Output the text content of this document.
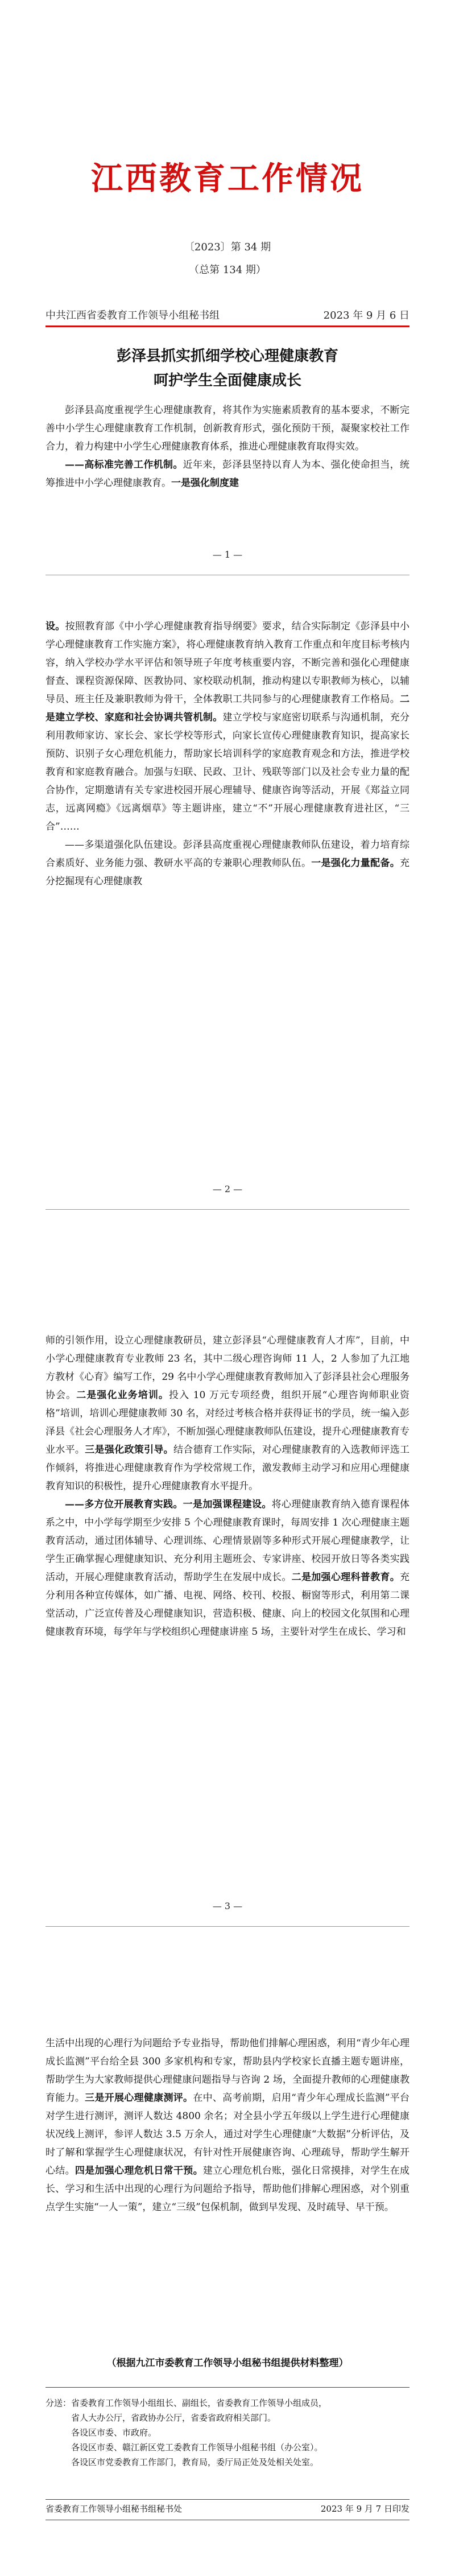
江西教育工作情况
〔2023〕第 34 期
（总第 134 期）
中共江西省委教育工作领导小组秘书组	2023 年 9 月 6 日
彭泽县抓实抓细学校心理健康教育
呵护学生全面健康成长

彭泽县高度重视学生心理健康教育，将其作为实施素质教育的基本要求，不断完善中小学生心理健康教育工作机制，创新教育形式，强化预防干预，凝聚家校社工作合力，着力构建中小学生心理健康教育体系，推进心理健康教育取得实效。

——高标准完善工作机制。近年来，彭泽县坚持以育人为本、强化使命担当，统筹推进中小学心理健康教育。一是强化制度建

— 1 —

设。按照教育部《中小学心理健康教育指导纲要》要求，结合实际制定《彭泽县中小学心理健康教育工作实施方案》，将心理健康教育纳入教育工作重点和年度目标考核内容，纳入学校办学水平评估和领导班子年度考核重要内容，不断完善和强化心理健康督查、课程资源保障、医教协同、家校联动机制，推动构建以专职教师为核心，以辅导员、班主任及兼职教师为骨干，全体教职工共同参与的心理健康教育工作格局。二是建立学校、家庭和社会协调共管机制。建立学校与家庭密切联系与沟通机制，充分利用教师家访、家长会、家长学校等形式，向家长宣传心理健康教育知识，提高家长预防、识别子女心理危机能力，帮助家长培训科学的家庭教育观念和方法，推进学校教育和家庭教育融合。加强与妇联、民政、卫计、残联等部门以及社会专业力量的配合协作，定期邀请有关专家进校园开展心理辅导、健康咨询等活动，开展《郑益立同志，远离网瘾》《远离烟草》等主题讲座，建立“不”开展心理健康教育进社区，“三合”……

——多渠道强化队伍建设。彭泽县高度重视心理健康教师队伍建设，着力培育综合素质好、业务能力强、教研水平高的专兼职心理教师队伍。一是强化力量配备。充分挖掘现有心理健康教

— 2 —

师的引领作用，设立心理健康教研员，建立彭泽县“心理健康教育人才库”，目前，中小学心理健康教育专业教师 23 名，其中二级心理咨询师 11 人，2 人参加了九江地方教材《心育》编写工作，29 名中小学心理健康教育教师加入了彭泽县社会心理服务协会。二是强化业务培训。投入 10 万元专项经费，组织开展“心理咨询师职业资格”培训，培训心理健康教师 30 名，对经过考核合格并获得证书的学员，统一编入彭泽县《社会心理服务人才库》，不断加强心理健康教师队伍建设，提升心理健康教育专业水平。三是强化政策引导。结合德育工作实际，对心理健康教育的入选教师评选工作倾斜，将推进心理健康教育作为学校常规工作，激发教师主动学习和应用心理健康教育知识的积极性，提升心理健康教育水平提升。

——多方位开展教育实践。一是加强课程建设。将心理健康教育纳入德育课程体系之中，中小学每学期至少安排 5 个心理健康教育课时，每周安排 1 次心理健康主题教育活动，通过团体辅导、心理训练、心理情景剧等多种形式开展心理健康教学，让学生正确掌握心理健康知识、充分利用主题班会、专家讲座、校园开放日等各类实践活动，开展心理健康教育活动，帮助学生在发展中成长。二是加强心理科普教育。充分利用各种宣传媒体，如广播、电视、网络、校刊、校报、橱窗等形式，利用第二课堂活动，广泛宣传普及心理健康知识，营造积极、健康、向上的校园文化氛围和心理健康教育环境，每学年与学校组织心理健康讲座 5 场，主要针对学生在成长、学习和

— 3 —

生活中出现的心理行为问题给予专业指导，帮助他们排解心理困惑，利用“青少年心理成长监测”平台给全县 300 多家机构和专家，帮助县内学校家长直播主题专题讲座，帮助学生为大家教师提供心理健康问题指导与咨询 2 场，全面提升教师的心理健康教育能力。三是开展心理健康测评。在中、高考前期，启用“青少年心理成长监测”平台对学生进行测评，测评人数达 4800 余名；对全县小学五年级以上学生进行心理健康状况线上测评，参评人数达 3.5 万余人，通过对学生心理健康“大数据”分析评估，及时了解和掌握学生心理健康状况，有针对性开展健康咨询、心理疏导，帮助学生解开心结。四是加强心理危机日常干预。建立心理危机台账，强化日常摸排，对学生在成长、学习和生活中出现的心理行为问题给予指导，帮助他们排解心理困惑，对个别重点学生实施“一人一策”，建立“三级”包保机制，做到早发现、及时疏导、早干预。

（根据九江市委教育工作领导小组秘书组提供材料整理）
分送：省委教育工作领导小组组长、副组长，省委教育工作领导小组成员，
省人大办公厅，省政协办公厅，省委省政府相关部门。
各设区市委、市政府。
各设区市委、赣江新区党工委教育工作领导小组秘书组（办公室）。
各设区市党委教育工作部门，教育局，委厅局正处及处相关处室。
省委教育工作领导小组秘书组秘书处	2023 年 9 月 7 日印发
